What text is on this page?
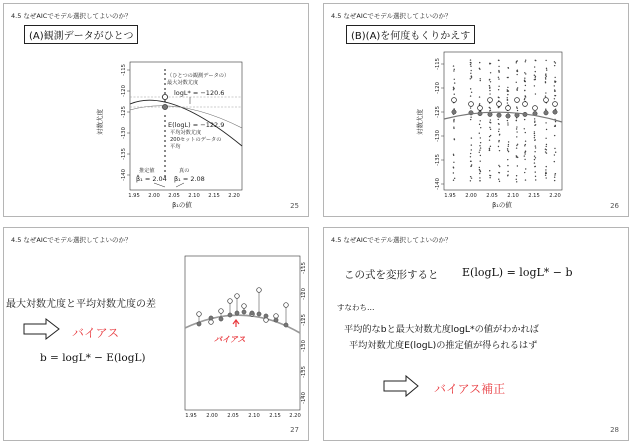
4.5 なぜAICでモデル選択してよいのか？
(A)観測データがひとつ
-115
-120
-125
-130
-135
-140
1.95 2.00 2.05 2.10 2.15 2.20
対数尤度
β₁の値
（ひとつの観測データの）
最大対数尤度
logL* = −120.6
E(logL) = −122.9
平均対数尤度
200セットのデータの
平均
推定値
β̂₁ = 2.04
真の
β₁ = 2.08
25
4.5 なぜAICでモデル選択してよいのか？
(B)(A)を何度もくりかえす
-115
-120
-125
-130
-135
-140
1.95 2.00 2.05 2.10 2.15 2.20
対数尤度
β₁の値	26
4.5 なぜAICでモデル選択してよいのか？
最大対数尤度と平均対数尤度の差
-115
-120
-125
-130
-135
-140
1.95 2.00 2.05 2.10 2.15 2.20
バイアス
バイアス
b = logL* − E(logL)
27
4.5 なぜAICでモデル選択してよいのか？
この式を変形すると E(logL) = logL* − b
すなわち…
平均的なbと最大対数尤度logL*の値がわかれば
平均対数尤度E(logL)の推定値が得られるはず
バイアス補正
28
